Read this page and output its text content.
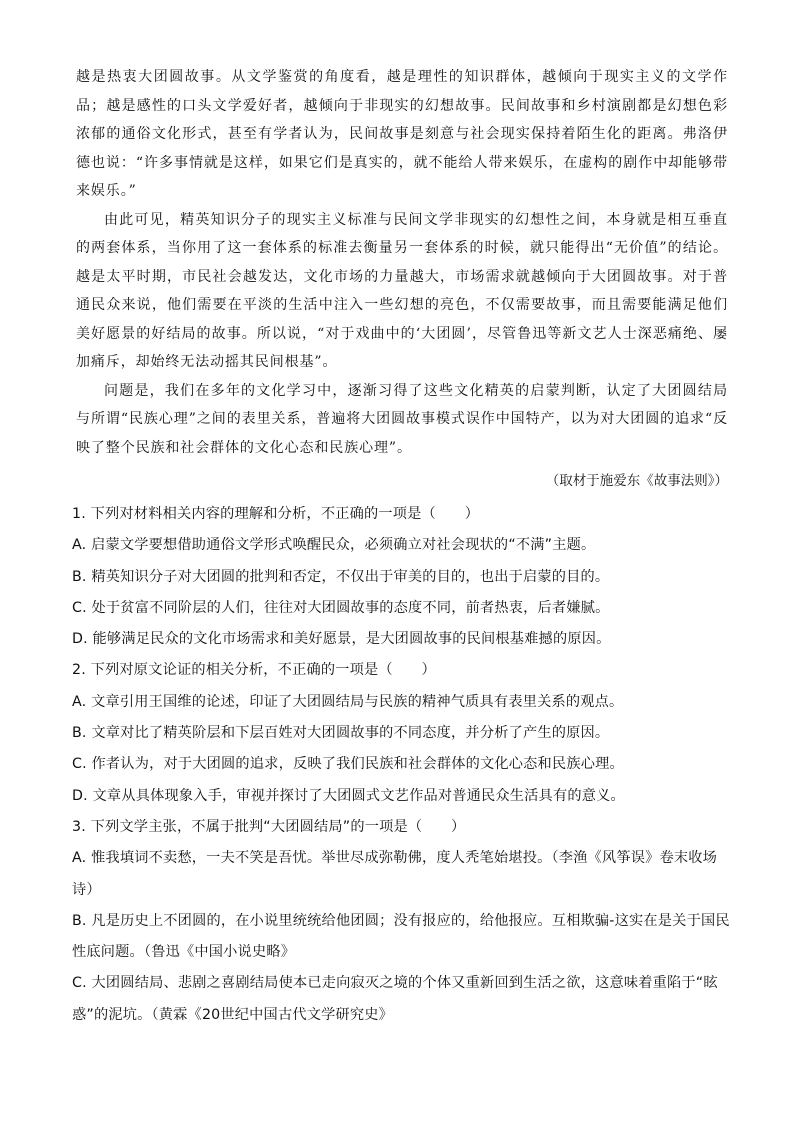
越是热衷大团圆故事。从文学鉴赏的角度看，越是理性的知识群体，越倾向于现实主义的文学作品；越是感性的口头文学爱好者，越倾向于非现实的幻想故事。民间故事和乡村演剧都是幻想色彩浓郁的通俗文化形式，甚至有学者认为，民间故事是刻意与社会现实保持着陌生化的距离。弗洛伊德也说：“许多事情就是这样，如果它们是真实的，就不能给人带来娱乐，在虚构的剧作中却能够带来娱乐。”

由此可见，精英知识分子的现实主义标准与民间文学非现实的幻想性之间，本身就是相互垂直的两套体系，当你用了这一套体系的标准去衡量另一套体系的时候，就只能得出“无价值”的结论。越是太平时期，市民社会越发达，文化市场的力量越大，市场需求就越倾向于大团圆故事。对于普通民众来说，他们需要在平淡的生活中注入一些幻想的亮色，不仅需要故事，而且需要能满足他们美好愿景的好结局的故事。所以说，“对于戏曲中的‘大团圆’，尽管鲁迅等新文艺人士深恶痛绝、屡加痛斥，却始终无法动摇其民间根基”。

问题是，我们在多年的文化学习中，逐渐习得了这些文化精英的启蒙判断，认定了大团圆结局与所谓“民族心理”之间的表里关系，普遍将大团圆故事模式误作中国特产，以为对大团圆的追求“反映了整个民族和社会群体的文化心态和民族心理”。

（取材于施爱东《故事法则》）

1. 下列对材料相关内容的理解和分析，不正确的一项是（　　）

A. 启蒙文学要想借助通俗文学形式唤醒民众，必须确立对社会现状的“不满”主题。

B. 精英知识分子对大团圆的批判和否定，不仅出于审美的目的，也出于启蒙的目的。

C. 处于贫富不同阶层的人们，往往对大团圆故事的态度不同，前者热衷，后者嫌腻。

D. 能够满足民众的文化市场需求和美好愿景，是大团圆故事的民间根基难撼的原因。

2. 下列对原文论证的相关分析，不正确的一项是（　　）

A. 文章引用王国维的论述，印证了大团圆结局与民族的精神气质具有表里关系的观点。

B. 文章对比了精英阶层和下层百姓对大团圆故事的不同态度，并分析了产生的原因。

C. 作者认为，对于大团圆的追求，反映了我们民族和社会群体的文化心态和民族心理。

D. 文章从具体现象入手，审视并探讨了大团圆式文艺作品对普通民众生活具有的意义。

3. 下列文学主张，不属于批判“大团圆结局”的一项是（　　）

A. 惟我填词不卖愁，一夫不笑是吾忧。举世尽成弥勒佛，度人秃笔始堪投。（李渔《风筝误》卷末收场诗）

B. 凡是历史上不团圆的，在小说里统统给他团圆；没有报应的，给他报应。互相欺骗-这实在是关于国民性底问题。（鲁迅《中国小说史略》

C. 大团圆结局、悲剧之喜剧结局使本已走向寂灭之境的个体又重新回到生活之欲，这意味着重陷于“眩惑”的泥坑。（黄霖《20世纪中国古代文学研究史》
